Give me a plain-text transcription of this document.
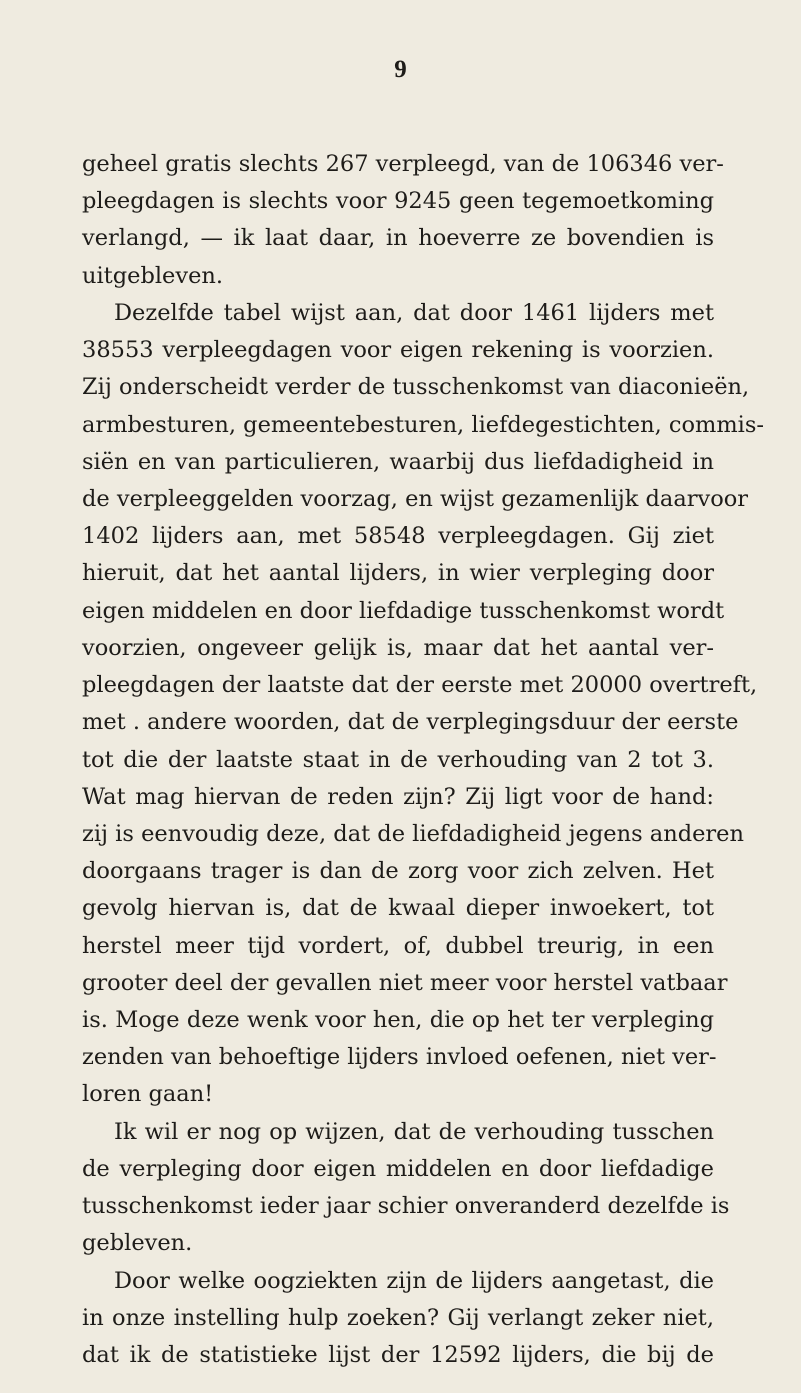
9
geheel gratis slechts 267 verpleegd, van de 106346 ver-
pleegdagen is slechts voor 9245 geen tegemoetkoming
verlangd, — ik laat daar, in hoeverre ze bovendien is
uitgebleven.
Dezelfde tabel wijst aan, dat door 1461 lijders met
38553 verpleegdagen voor eigen rekening is voorzien.
Zij onderscheidt verder de tusschenkomst van diaconieën,
armbesturen, gemeentebesturen, liefdegestichten, commis-
siën en van particulieren, waarbij dus liefdadigheid in
de verpleeggelden voorzag, en wijst gezamenlijk daarvoor
1402 lijders aan, met 58548 verpleegdagen. Gij ziet
hieruit, dat het aantal lijders, in wier verpleging door
eigen middelen en door liefdadige tusschenkomst wordt
voorzien, ongeveer gelijk is, maar dat het aantal ver-
pleegdagen der laatste dat der eerste met 20000 overtreft,
met . andere woorden, dat de verplegingsduur der eerste
tot die der laatste staat in de verhouding van 2 tot 3.
Wat mag hiervan de reden zijn? Zij ligt voor de hand:
zij is eenvoudig deze, dat de liefdadigheid jegens anderen
doorgaans trager is dan de zorg voor zich zelven. Het
gevolg hiervan is, dat de kwaal dieper inwoekert, tot
herstel meer tijd vordert, of, dubbel treurig, in een
grooter deel der gevallen niet meer voor herstel vatbaar
is. Moge deze wenk voor hen, die op het ter verpleging
zenden van behoeftige lijders invloed oefenen, niet ver-
loren gaan!
Ik wil er nog op wijzen, dat de verhouding tusschen
de verpleging door eigen middelen en door liefdadige
tusschenkomst ieder jaar schier onveranderd dezelfde is
gebleven.
Door welke oogziekten zijn de lijders aangetast, die
in onze instelling hulp zoeken? Gij verlangt zeker niet,
dat ik de statistieke lijst der 12592 lijders, die bij de
